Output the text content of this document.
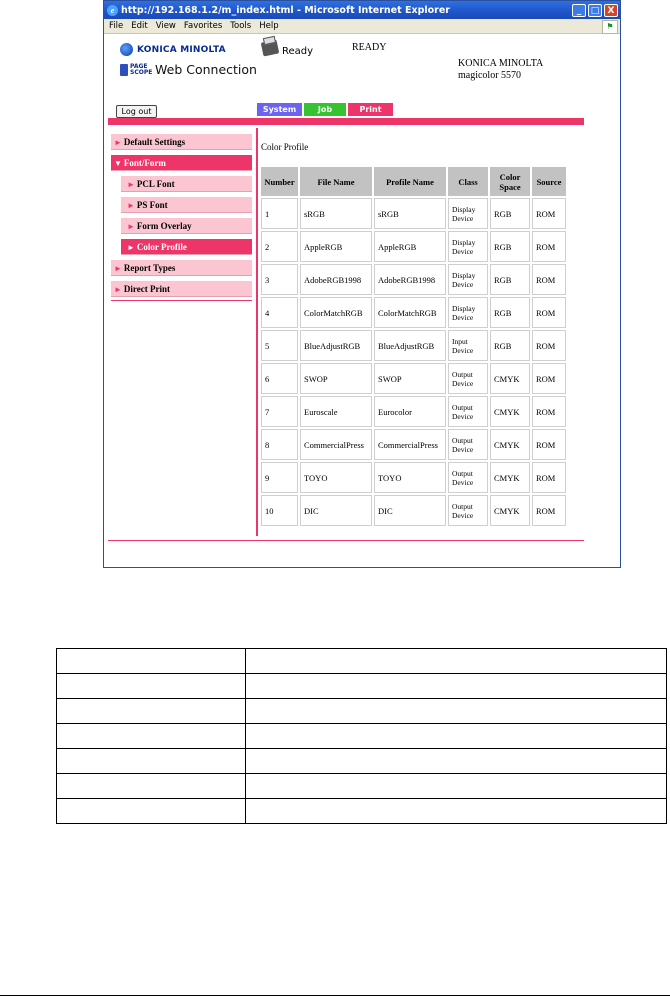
e http://192.168.1.2/m_index.html - Microsoft Internet Explorer	_	□ X
File Edit View Favorites Tools Help	⚑
KONICA MINOLTA
PAGE SCOPE Web Connection
Ready	READY
KONICA MINOLTA
magicolor 5570
Log out	System	Job	Print
► Default Settings
▼ Font/Form
► PCL Font
► PS Font
► Form Overlay
► Color Profile
► Report Types
► Direct Print
Color Profile
Number	File Name	Profile Name	Class	Color Space	Source
1	sRGB	sRGB	Display Device	RGB	ROM
2	AppleRGB	AppleRGB	Display Device	RGB	ROM
3	AdobeRGB1998	AdobeRGB1998	Display Device	RGB	ROM
4	ColorMatchRGB	ColorMatchRGB	Display Device	RGB	ROM
5	BlueAdjustRGB	BlueAdjustRGB	Input Device	RGB	ROM
6	SWOP	SWOP	Output Device	CMYK	ROM
7	Euroscale	Eurocolor	Output Device	CMYK	ROM
8	CommercialPress	CommercialPress	Output Device	CMYK	ROM
9	TOYO	TOYO	Output Device	CMYK	ROM
10	DIC	DIC	Output Device	CMYK	ROM
